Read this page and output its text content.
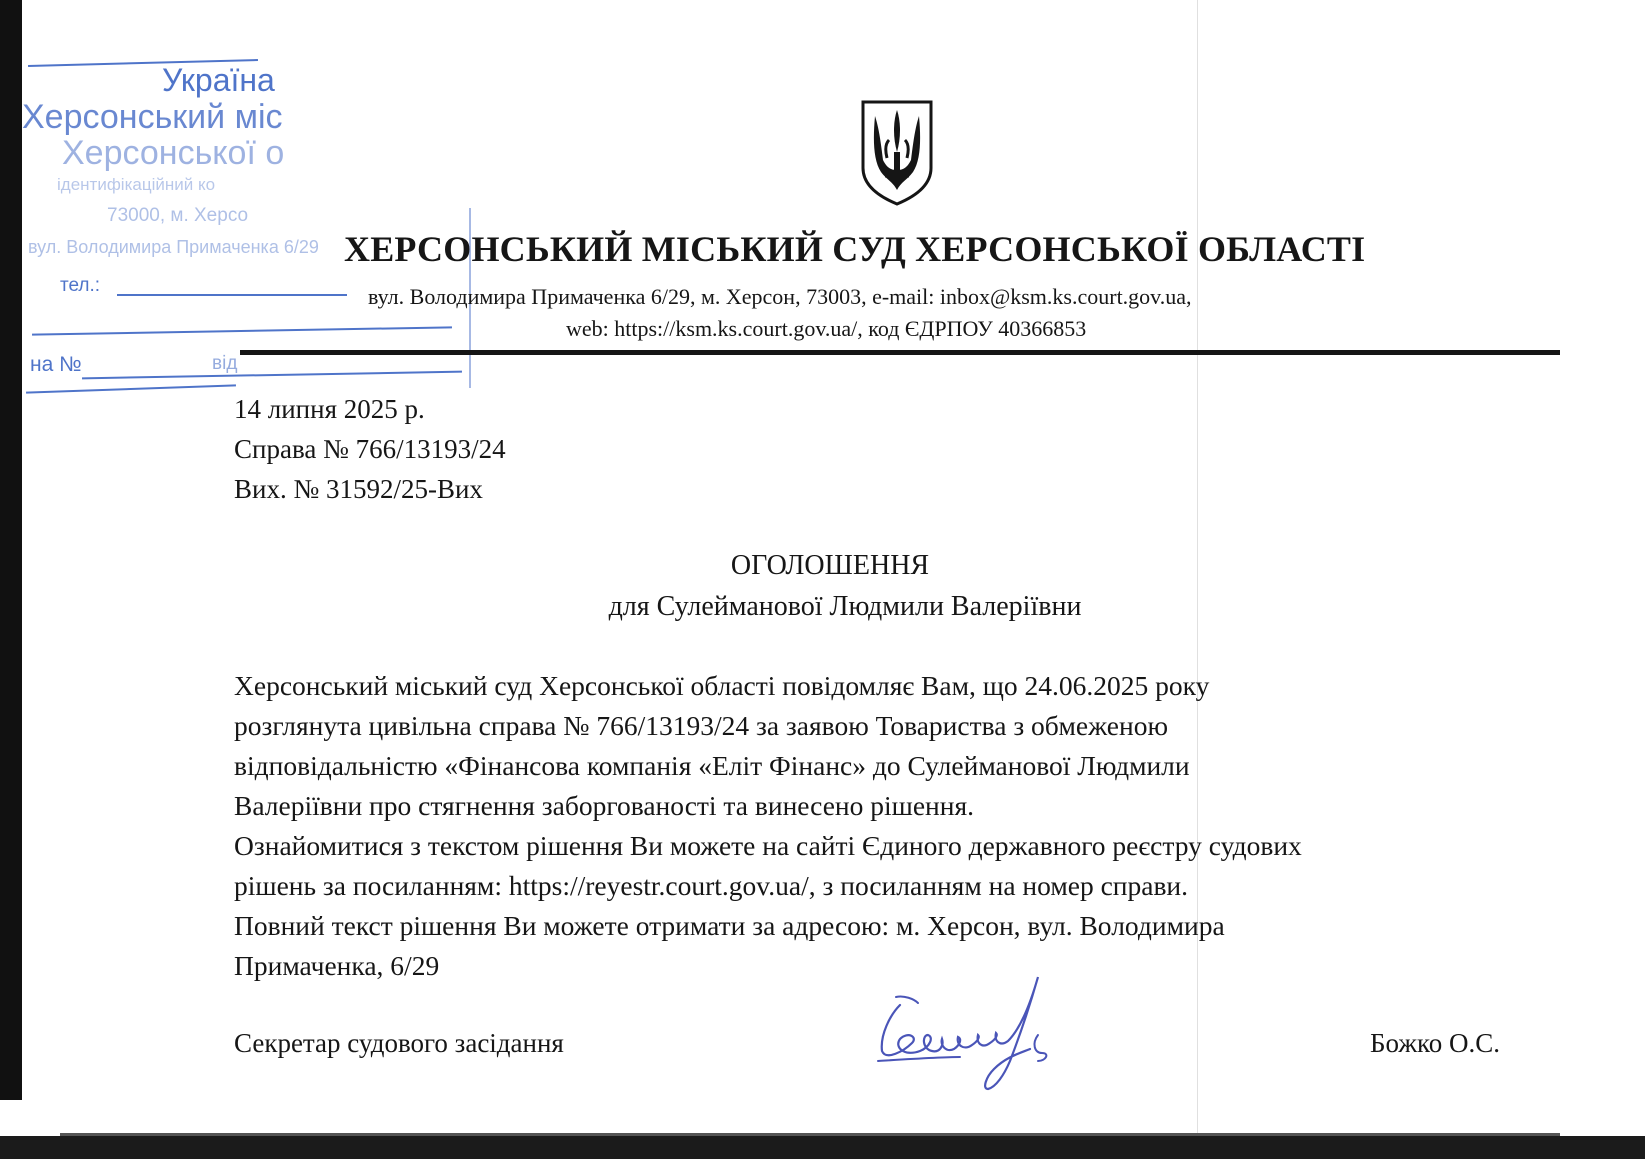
Україна
Херсонський міс
Херсонської о
ідентифікаційний ко
73000, м. Херсо
вул. Володимира Примаченка 6/29
тел.:
на №	від
ХЕРСОНСЬКИЙ МІСЬКИЙ СУД ХЕРСОНСЬКОЇ ОБЛАСТІ
вул. Володимира Примаченка 6/29, м. Херсон, 73003, e-mail: inbox@ksm.ks.court.gov.ua,
web: https://ksm.ks.court.gov.ua/, код ЄДРПОУ 40366853
14 липня 2025 р.
Справа № 766/13193/24
Вих. № 31592/25-Вих
ОГОЛОШЕННЯ
для Сулейманової Людмили Валеріївни
Херсонський міський суд Херсонської області повідомляє Вам, що 24.06.2025 року
розглянута цивільна справа № 766/13193/24 за заявою Товариства з обмеженою
відповідальністю «Фінансова компанія «Еліт Фінанс» до Сулейманової Людмили
Валеріївни про стягнення заборгованості та винесено рішення.
Ознайомитися з текстом рішення Ви можете на сайті Єдиного державного реєстру судових
рішень за посиланням: https://reyestr.court.gov.ua/, з посиланням на номер справи.
Повний текст рішення Ви можете отримати за адресою: м. Херсон, вул. Володимира
Примаченка, 6/29
Секретар судового засідання	Божко О.С.
